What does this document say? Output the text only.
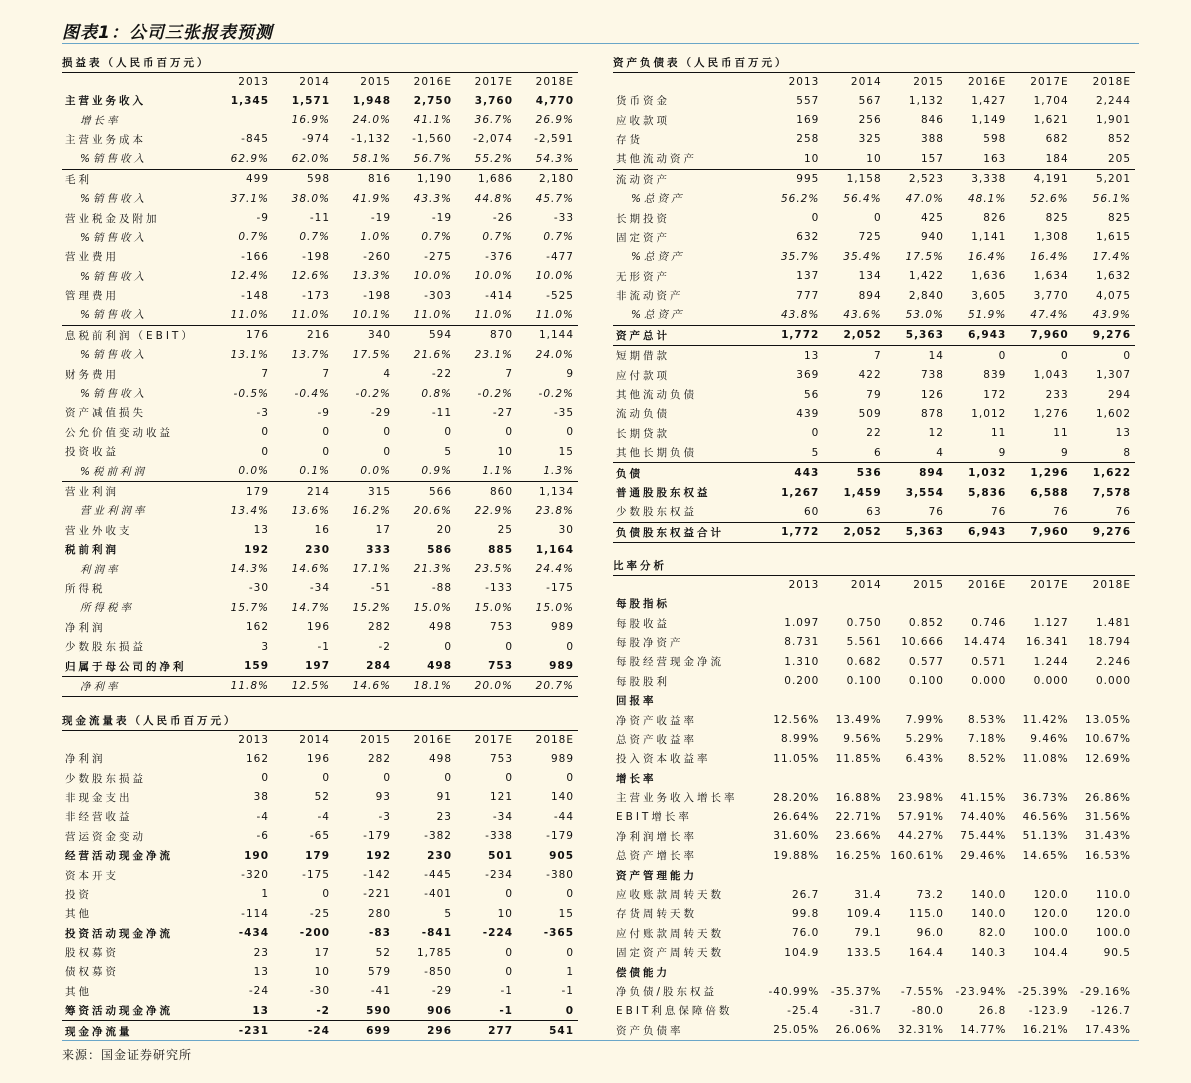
图表1：公司三张报表预测
损益表（人民币百万元）
	2013	2014	2015	2016E	2017E	2018E
主营业务收入	1,345	1,571	1,948	2,750	3,760	4,770
增长率		16.9%	24.0%	41.1%	36.7%	26.9%
主营业务成本	-845	-974	-1,132	-1,560	-2,074	-2,591
%销售收入	62.9%	62.0%	58.1%	56.7%	55.2%	54.3%
毛利	499	598	816	1,190	1,686	2,180
%销售收入	37.1%	38.0%	41.9%	43.3%	44.8%	45.7%
营业税金及附加	-9	-11	-19	-19	-26	-33
%销售收入	0.7%	0.7%	1.0%	0.7%	0.7%	0.7%
营业费用	-166	-198	-260	-275	-376	-477
%销售收入	12.4%	12.6%	13.3%	10.0%	10.0%	10.0%
管理费用	-148	-173	-198	-303	-414	-525
%销售收入	11.0%	11.0%	10.1%	11.0%	11.0%	11.0%
息税前利润（EBIT）	176	216	340	594	870	1,144
%销售收入	13.1%	13.7%	17.5%	21.6%	23.1%	24.0%
财务费用	7	7	4	-22	7	9
%销售收入	-0.5%	-0.4%	-0.2%	0.8%	-0.2%	-0.2%
资产减值损失	-3	-9	-29	-11	-27	-35
公允价值变动收益	0	0	0	0	0	0
投资收益	0	0	0	5	10	15
%税前利润	0.0%	0.1%	0.0%	0.9%	1.1%	1.3%
营业利润	179	214	315	566	860	1,134
营业利润率	13.4%	13.6%	16.2%	20.6%	22.9%	23.8%
营业外收支	13	16	17	20	25	30
税前利润	192	230	333	586	885	1,164
利润率	14.3%	14.6%	17.1%	21.3%	23.5%	24.4%
所得税	-30	-34	-51	-88	-133	-175
所得税率	15.7%	14.7%	15.2%	15.0%	15.0%	15.0%
净利润	162	196	282	498	753	989
少数股东损益	3	-1	-2	0	0	0
归属于母公司的净利	159	197	284	498	753	989
净利率	11.8%	12.5%	14.6%	18.1%	20.0%	20.7%
现金流量表（人民币百万元）
	2013	2014	2015	2016E	2017E	2018E
净利润	162	196	282	498	753	989
少数股东损益	0	0	0	0	0	0
非现金支出	38	52	93	91	121	140
非经营收益	-4	-4	-3	23	-34	-44
营运资金变动	-6	-65	-179	-382	-338	-179
经营活动现金净流	190	179	192	230	501	905
资本开支	-320	-175	-142	-445	-234	-380
投资	1	0	-221	-401	0	0
其他	-114	-25	280	5	10	15
投资活动现金净流	-434	-200	-83	-841	-224	-365
股权募资	23	17	52	1,785	0	0
债权募资	13	10	579	-850	0	1
其他	-24	-30	-41	-29	-1	-1
筹资活动现金净流	13	-2	590	906	-1	0
现金净流量	-231	-24	699	296	277	541
资产负债表（人民币百万元）
	2013	2014	2015	2016E	2017E	2018E
货币资金	557	567	1,132	1,427	1,704	2,244
应收款项	169	256	846	1,149	1,621	1,901
存货	258	325	388	598	682	852
其他流动资产	10	10	157	163	184	205
流动资产	995	1,158	2,523	3,338	4,191	5,201
%总资产	56.2%	56.4%	47.0%	48.1%	52.6%	56.1%
长期投资	0	0	425	826	825	825
固定资产	632	725	940	1,141	1,308	1,615
%总资产	35.7%	35.4%	17.5%	16.4%	16.4%	17.4%
无形资产	137	134	1,422	1,636	1,634	1,632
非流动资产	777	894	2,840	3,605	3,770	4,075
%总资产	43.8%	43.6%	53.0%	51.9%	47.4%	43.9%
资产总计	1,772	2,052	5,363	6,943	7,960	9,276
短期借款	13	7	14	0	0	0
应付款项	369	422	738	839	1,043	1,307
其他流动负债	56	79	126	172	233	294
流动负债	439	509	878	1,012	1,276	1,602
长期贷款	0	22	12	11	11	13
其他长期负债	5	6	4	9	9	8
负债	443	536	894	1,032	1,296	1,622
普通股股东权益	1,267	1,459	3,554	5,836	6,588	7,578
少数股东权益	60	63	76	76	76	76
负债股东权益合计	1,772	2,052	5,363	6,943	7,960	9,276
比率分析
	2013	2014	2015	2016E	2017E	2018E
每股指标						
每股收益	1.097	0.750	0.852	0.746	1.127	1.481
每股净资产	8.731	5.561	10.666	14.474	16.341	18.794
每股经营现金净流	1.310	0.682	0.577	0.571	1.244	2.246
每股股利	0.200	0.100	0.100	0.000	0.000	0.000
回报率						
净资产收益率	12.56%	13.49%	7.99%	8.53%	11.42%	13.05%
总资产收益率	8.99%	9.56%	5.29%	7.18%	9.46%	10.67%
投入资本收益率	11.05%	11.85%	6.43%	8.52%	11.08%	12.69%
增长率						
主营业务收入增长率	28.20%	16.88%	23.98%	41.15%	36.73%	26.86%
EBIT增长率	26.64%	22.71%	57.91%	74.40%	46.56%	31.56%
净利润增长率	31.60%	23.66%	44.27%	75.44%	51.13%	31.43%
总资产增长率	19.88%	16.25%	160.61%	29.46%	14.65%	16.53%
资产管理能力						
应收账款周转天数	26.7	31.4	73.2	140.0	120.0	110.0
存货周转天数	99.8	109.4	115.0	140.0	120.0	120.0
应付账款周转天数	76.0	79.1	96.0	82.0	100.0	100.0
固定资产周转天数	104.9	133.5	164.4	140.3	104.4	90.5
偿债能力						
净负债/股东权益	-40.99%	-35.37%	-7.55%	-23.94%	-25.39%	-29.16%
EBIT利息保障倍数	-25.4	-31.7	-80.0	26.8	-123.9	-126.7
资产负债率	25.05%	26.06%	32.31%	14.77%	16.21%	17.43%
来源：国金证券研究所
